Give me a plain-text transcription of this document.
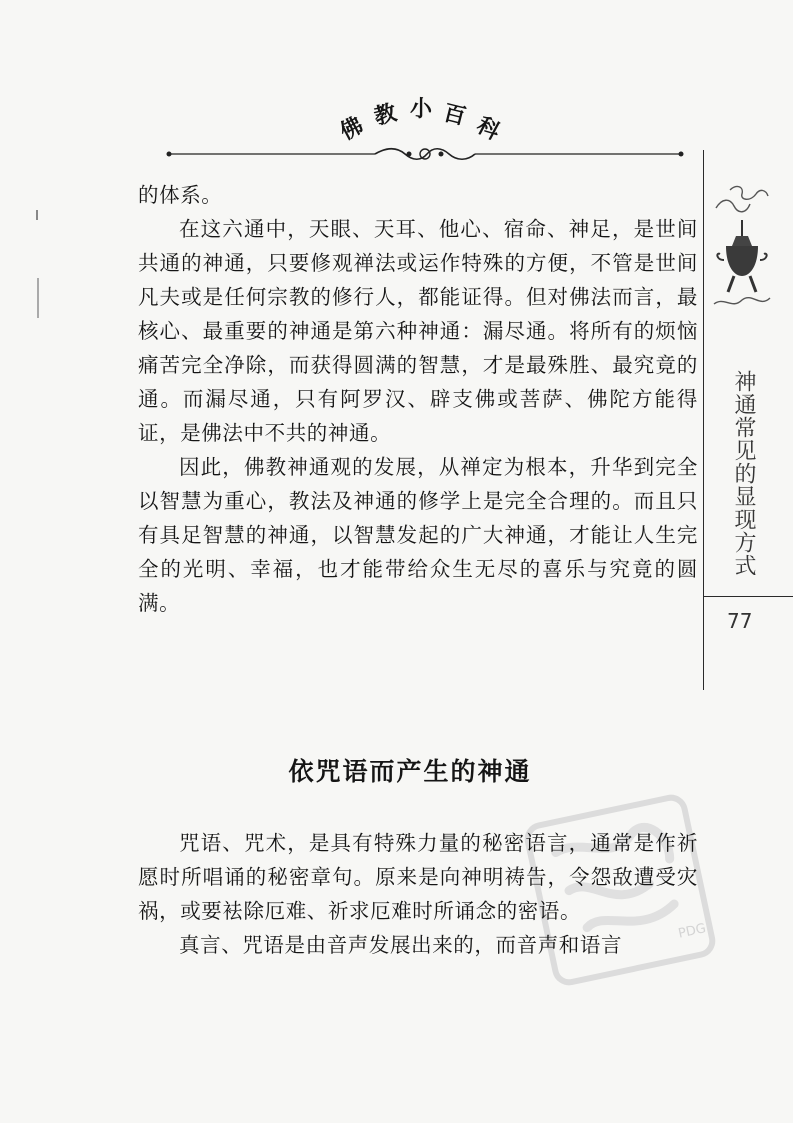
佛 教 小 百 科
神通常见的显现方式
77

的体系。

在这六通中，天眼、天耳、他心、宿命、神足，是世间共通的神通，只要修观禅法或运作特殊的方便，不管是世间凡夫或是任何宗教的修行人，都能证得。但对佛法而言，最核心、最重要的神通是第六种神通：漏尽通。将所有的烦恼痛苦完全净除，而获得圆满的智慧，才是最殊胜、最究竟的通。而漏尽通，只有阿罗汉、辟支佛或菩萨、佛陀方能得证，是佛法中不共的神通。

因此，佛教神通观的发展，从禅定为根本，升华到完全以智慧为重心，教法及神通的修学上是完全合理的。而且只有具足智慧的神通，以智慧发起的广大神通，才能让人生完全的光明、幸福，也才能带给众生无尽的喜乐与究竟的圆满。

依咒语而产生的神通
PDG

咒语、咒术，是具有特殊力量的秘密语言，通常是作祈愿时所唱诵的秘密章句。原来是向神明祷告，令怨敌遭受灾祸，或要袪除厄难、祈求厄难时所诵念的密语。

真言、咒语是由音声发展出来的，而音声和语言
